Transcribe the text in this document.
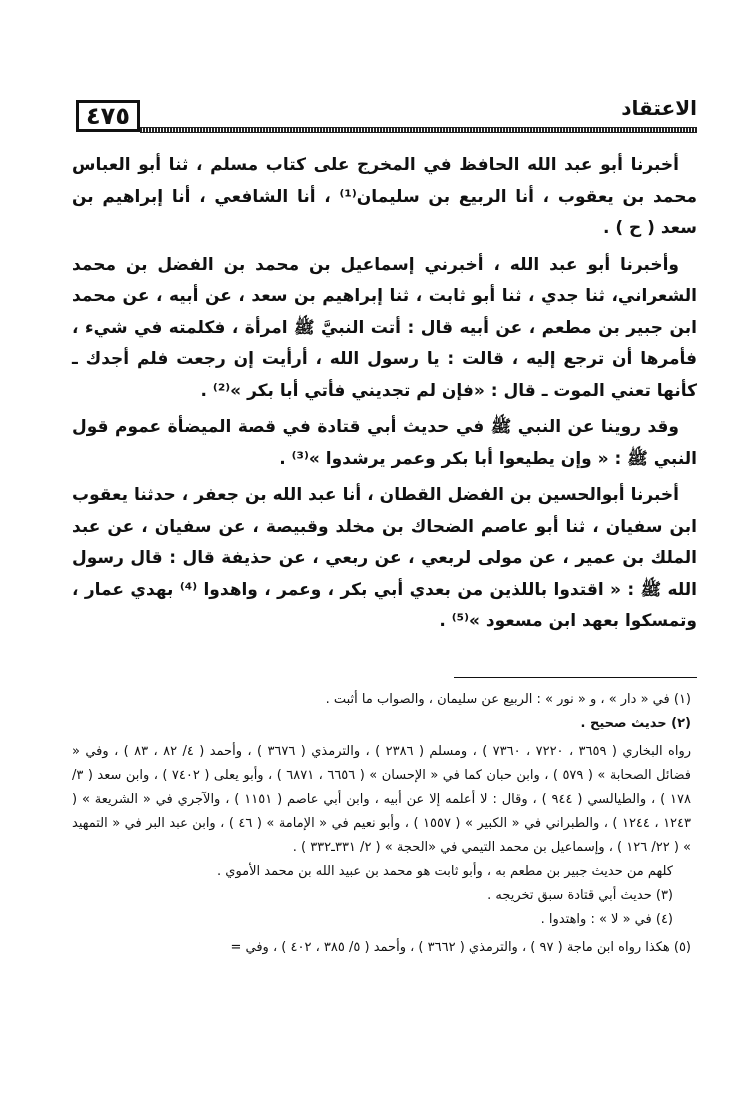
٤٧٥	الاعتقاد

أخبرنا أبو عبد الله الحافظ في المخرج على كتاب مسلم ، ثنا أبو العباس محمد بن يعقوب ، أنا الربيع بن سليمان⁽¹⁾ ، أنا الشافعي ، أنا إبراهيم بن سعد ( ح ) .

وأخبرنا أبو عبد الله ، أخبرني إسماعيل بن محمد بن الفضل بن محمد الشعراني، ثنا جدي ، ثنا أبو ثابت ، ثنا إبراهيم بن سعد ، عن أبيه ، عن محمد ابن جبير بن مطعم ، عن أبيه قال : أتت النبيَّ ﷺ امرأة ، فكلمته في شيء ، فأمرها أن ترجع إليه ، قالت : يا رسول الله ، أرأيت إن رجعت فلم أجدك ـ كأنها تعني الموت ـ قال : «فإن لم تجديني فأتي أبا بكر »⁽²⁾ .

وقد روينا عن النبي ﷺ في حديث أبي قتادة في قصة الميضأة عموم قول النبي ﷺ : « وإن يطيعوا أبا بكر وعمر يرشدوا »⁽³⁾ .

أخبرنا أبوالحسين بن الفضل القطان ، أنا عبد الله بن جعفر ، حدثنا يعقوب ابن سفيان ، ثنا أبو عاصم الضحاك بن مخلد وقبيصة ، عن سفيان ، عن عبد الملك بن عمير ، عن مولى لربعي ، عن ربعي ، عن حذيفة قال : قال رسول الله ﷺ : « اقتدوا باللذين من بعدي أبي بكر ، وعمر ، واهدوا ⁽⁴⁾ بهدي عمار ، وتمسكوا بعهد ابن مسعود »⁽⁵⁾ .

(١) في « دار » ، و « نور » : الربيع عن سليمان ، والصواب ما أثبت .

(٢) حديث صحيح .

رواه البخاري ( ٣٦٥٩ ، ٧٢٢٠ ، ٧٣٦٠ ) ، ومسلم ( ٢٣٨٦ ) ، والترمذي ( ٣٦٧٦ ) ، وأحمد ( ٤/ ٨٢ ، ٨٣ ) ، وفي « فضائل الصحابة » ( ٥٧٩ ) ، وابن حبان كما في « الإحسان » ( ٦٦٥٦ ، ٦٨٧١ ) ، وأبو يعلى ( ٧٤٠٢ ) ، وابن سعد ( ٣/ ١٧٨ ) ، والطيالسي ( ٩٤٤ ) ، وقال : لا أعلمه إلا عن أبيه ، وابن أبي عاصم ( ١١٥١ ) ، والآجري في « الشريعة » ( ١٢٤٣ ، ١٢٤٤ ) ، والطبراني في « الكبير » ( ١٥٥٧ ) ، وأبو نعيم في « الإمامة » ( ٤٦ ) ، وابن عبد البر في « التمهيد » ( ٢٢/ ١٢٦ ) ، وإسماعيل بن محمد التيمي في «الحجة » ( ٢/ ٣٣١ـ٣٣٢ ) .

كلهم من حديث جبير بن مطعم به ، وأبو ثابت هو محمد بن عبيد الله بن محمد الأموي .

(٣) حديث أبي قتادة سبق تخريجه .

(٤) في « لا » : واهتدوا .

(٥) هكذا رواه ابن ماجة ( ٩٧ ) ، والترمذي ( ٣٦٦٢ ) ، وأحمد ( ٥/ ٣٨٥ ، ٤٠٢ ) ، وفي =
